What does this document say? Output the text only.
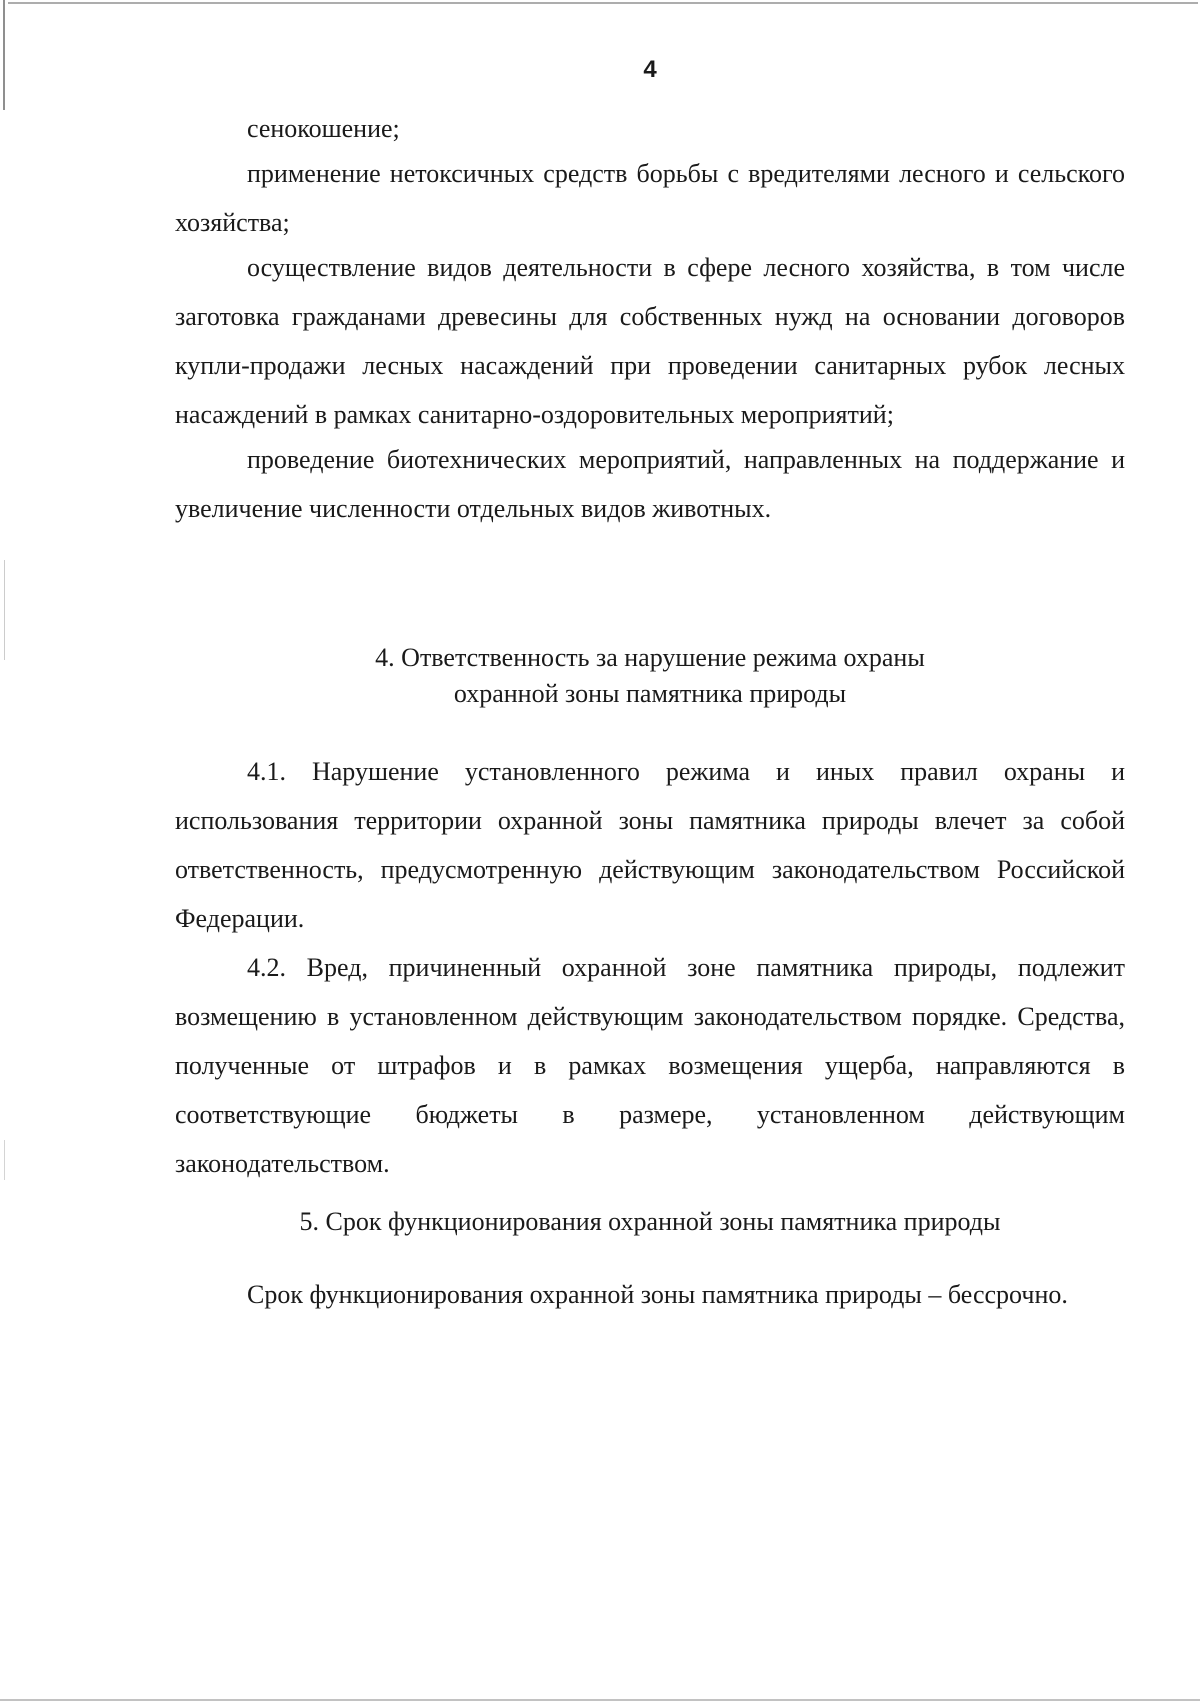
4

сенокошение;

применение нетоксичных средств борьбы с вредителями лесного и сельского хозяйства;

осуществление видов деятельности в сфере лесного хозяйства, в том числе заготовка гражданами древесины для собственных нужд на основании договоров купли-продажи лесных насаждений при проведении санитарных рубок лесных насаждений в рамках санитарно-оздоровительных мероприятий;

проведение биотехнических мероприятий, направленных на поддержание и увеличение численности отдельных видов животных.

4. Ответственность за нарушение режима охраны
охранной зоны памятника природы

4.1. Нарушение установленного режима и иных правил охраны и использования территории охранной зоны памятника природы влечет за собой ответственность, предусмотренную действующим законодательством Российской Федерации.

4.2. Вред, причиненный охранной зоне памятника природы, подлежит возмещению в установленном действующим законодательством порядке. Средства, полученные от штрафов и в рамках возмещения ущерба, направляются в соответствующие бюджеты в размере, установленном действующим законодательством.

5. Срок функционирования охранной зоны памятника природы

Срок функционирования охранной зоны памятника природы – бессрочно.
